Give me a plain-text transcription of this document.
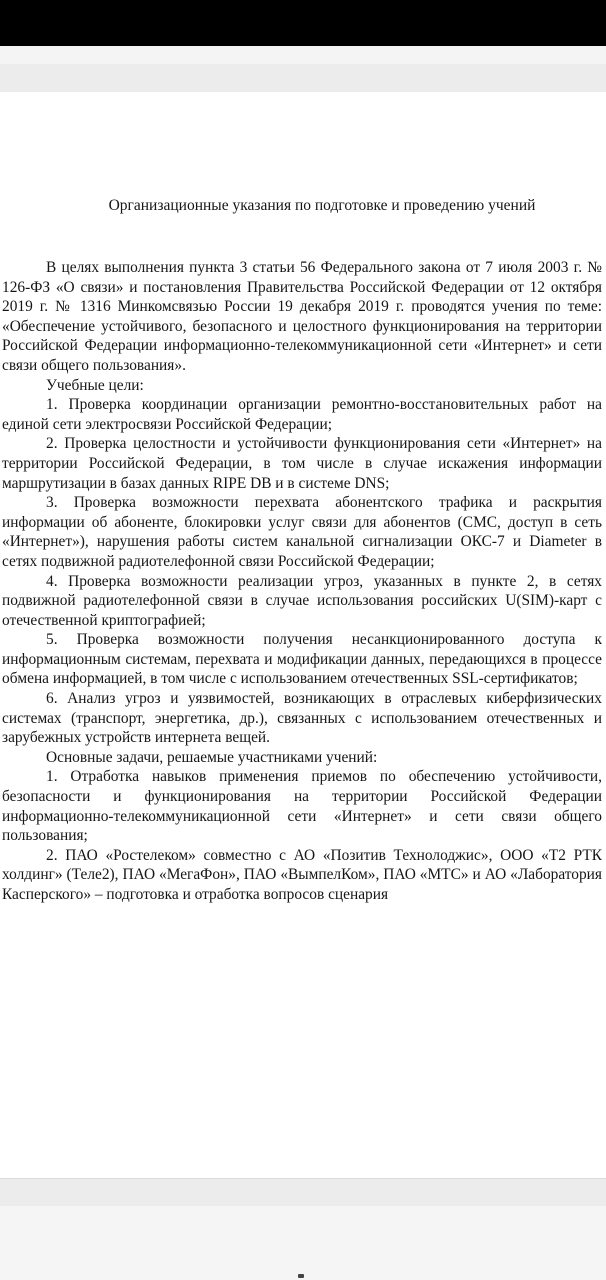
Организационные указания по подготовке и проведению учений

В целях выполнения пункта 3 статьи 56 Федерального закона от 7 июля 2003 г. № 126-ФЗ «О связи» и постановления Правительства Российской Федерации от 12 октября 2019 г. № 1316 Минкомсвязью России 19 декабря 2019 г. проводятся учения по теме: «Обеспечение устойчивого, безопасного и целостного функционирования на территории Российской Федерации информационно-телекоммуникационной сети «Интернет» и сети связи общего пользования».

Учебные цели:

1. Проверка координации организации ремонтно-восстановительных работ на единой сети электросвязи Российской Федерации;

2. Проверка целостности и устойчивости функционирования сети «Интернет» на территории Российской Федерации, в том числе в случае искажения информации маршрутизации в базах данных RIPE DB и в системе DNS;

3. Проверка возможности перехвата абонентского трафика и раскрытия информации об абоненте, блокировки услуг связи для абонентов (СМС, доступ в сеть «Интернет»), нарушения работы систем канальной сигнализации ОКС-7 и Diameter в сетях подвижной радиотелефонной связи Российской Федерации;

4. Проверка возможности реализации угроз, указанных в пункте 2, в сетях подвижной радиотелефонной связи в случае использования российских U(SIM)-карт с отечественной криптографией;

5. Проверка возможности получения несанкционированного доступа к информационным системам, перехвата и модификации данных, передающихся в процессе обмена информацией, в том числе с использованием отечественных SSL-сертификатов;

6. Анализ угроз и уязвимостей, возникающих в отраслевых киберфизических системах (транспорт, энергетика, др.), связанных с использованием отечественных и зарубежных устройств интернета вещей.

Основные задачи, решаемые участниками учений:

1. Отработка навыков применения приемов по обеспечению устойчивости, безопасности и функционирования на территории Российской Федерации информационно-телекоммуникационной сети «Интернет» и сети связи общего пользования;

2. ПАО «Ростелеком» совместно с АО «Позитив Технолоджис», ООО «Т2 РТК холдинг» (Теле2), ПАО «МегаФон», ПАО «ВымпелКом», ПАО «МТС» и АО «Лаборатория Касперского» – подготовка и отработка вопросов сценария
